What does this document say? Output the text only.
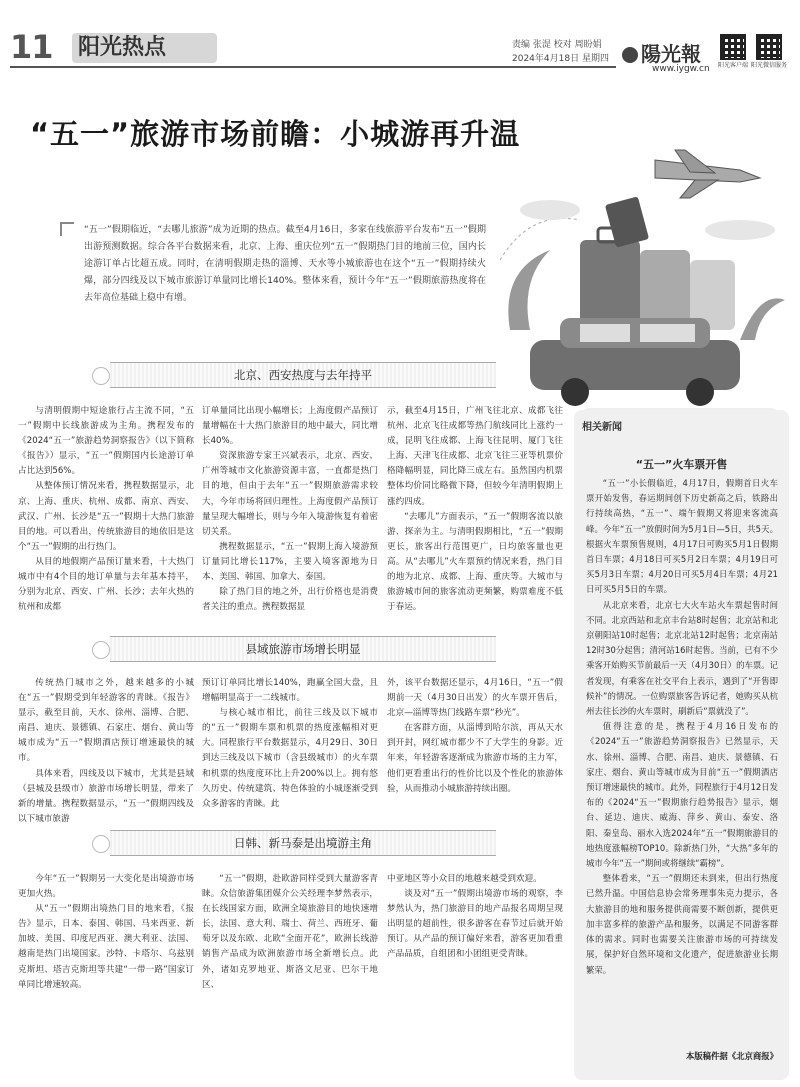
11 阳光热点	责编 张湜 校对 周盼娟
2024年4月18日 星期四	陽光報
www.iygw.cn	阳光客户端 阳光微信服务
“五一”旅游市场前瞻：小城游再升温
“五一”假期临近，“去哪儿旅游”成为近期的热点。截至4月16日，多家在线旅游平台发布“五一”假期出游预测数据。综合各平台数据来看，北京、上海、重庆位列“五一”假期热门目的地前三位，国内长途游订单占比超五成。同时，在清明假期走热的淄博、天水等小城旅游也在这个“五一”假期持续火爆，部分四线及以下城市旅游订单量同比增长140%。整体来看，预计今年“五一”假期旅游热度将在去年高位基础上稳中有增。
北京、西安热度与去年持平

与清明假期中短途旅行占主流不同，“五一”假期中长线旅游成为主角。携程发布的《2024“五一”旅游趋势洞察报告》（以下简称《报告》）显示，“五一”假期国内长途游订单占比达到56%。

从整体预订情况来看，携程数据显示，北京、上海、重庆、杭州、成都、南京、西安、武汉、广州、长沙是“五一”假期十大热门旅游目的地。可以看出，传统旅游目的地依旧是这个“五一”假期的出行热门。

从目的地假期产品预订量来看，十大热门城市中有4个目的地订单量与去年基本持平，分别为北京、西安、广州、长沙；去年火热的杭州和成都

订单量同比出现小幅增长；上海度假产品预订量增幅在十大热门旅游目的地中最大，同比增长40%。

资深旅游专家王兴斌表示，北京、西安、广州等城市文化旅游资源丰富，一直都是热门目的地，但由于去年“五一”假期旅游需求较大，今年市场将回归理性。上海度假产品预订量呈现大幅增长，则与今年入境游恢复有着密切关系。

携程数据显示，“五一”假期上海入境游预订量同比增长117%，主要入境客源地为日本、美国、韩国、加拿大、泰国。

除了热门目的地之外，出行价格也是消费者关注的重点。携程数据显

示，截至4月15日，广州飞往北京、成都飞往杭州、北京飞往成都等热门航线同比上涨约一成，昆明飞往成都、上海飞往昆明、厦门飞往上海、天津飞往成都、北京飞往三亚等机票价格降幅明显，同比降三成左右。虽然国内机票整体均价同比略微下降，但较今年清明假期上涨约四成。

“去哪儿”方面表示，“五一”假期客流以旅游、探亲为主。与清明假期相比，“五一”假期更长，旅客出行范围更广，日均旅客量也更高。从“去哪儿”火车票预约情况来看，热门目的地为北京、成都、上海、重庆等。大城市与旅游城市间的旅客流动更频繁，购票难度不低于春运。

县域旅游市场增长明显

传统热门城市之外，越来越多的小城在“五一”假期受到年轻游客的青睐。《报告》显示，截至目前，天水、徐州、淄博、合肥、南昌、迪庆、景德镇、石家庄、烟台、黄山等城市成为“五一”假期酒店预订增速最快的城市。

具体来看，四线及以下城市，尤其是县域（县城及县级市）旅游市场增长明显，带来了新的增量。携程数据显示，“五一”假期四线及以下城市旅游

预订订单同比增长140%，跑赢全国大盘，且增幅明显高于一二线城市。

与核心城市相比，前往三线及以下城市的“五一”假期车票和机票的热度涨幅相对更大。同程旅行平台数据显示，4月29日、30日到达三线及以下城市（含县级城市）的火车票和机票的热度度环比上升200%以上。拥有悠久历史、传统建筑、特色体验的小城逐渐受到众多游客的青睐。此

外，该平台数据还显示，4月16日，“五一”假期前一天（4月30日出发）的火车票开售后，北京—淄博等热门线路车票“秒光”。

在客群方面，从淄博到哈尔滨，再从天水到开封，网红城市都少不了大学生的身影。近年来，年轻游客逐渐成为旅游市场的主力军，他们更看重出行的性价比以及个性化的旅游体验，从而推动小城旅游持续出圈。

日韩、新马泰是出境游主角

今年“五一”假期另一大变化是出境游市场更加火热。

从“五一”假期出境热门目的地来看，《报告》显示，日本、泰国、韩国、马来西亚、新加坡、美国、印度尼西亚、澳大利亚、法国、越南是热门出境国家。沙特、卡塔尔、乌兹别克斯坦、塔吉克斯坦等共建“一带一路”国家订单同比增速较高。

“五一”假期，赴欧游同样受到大量游客青睐。众信旅游集团媒介公关经理李梦然表示，在长线国家方面，欧洲全境旅游目的地快速增长，法国、意大利、瑞士、荷兰、西班牙、葡萄牙以及东欧、北欧“全面开花”，欧洲长线游销售产品成为欧洲旅游市场全新增长点。此外，诸如克罗地亚、斯洛文尼亚、巴尔干地区、

中亚地区等小众目的地越来越受到欢迎。

谈及对“五一”假期出境游市场的观察，李梦然认为，热门旅游目的地产品报名周期呈现出明显的超前性，很多游客在春节过后就开始预订。从产品的预订偏好来看，游客更加看重产品品质，自组团和小团组更受青睐。

相关新闻
“五一”火车票开售

“五一”小长假临近，4月17日，假期首日火车票开始发售，春运期间创下历史新高之后，铁路出行持续高热，“五一”、端午假期又将迎来客流高峰。今年“五一”放假时间为5月1日—5日，共5天。根据火车票预售规则，4月17日可购买5月1日假期首日车票；4月18日可买5月2日车票；4月19日可买5月3日车票；4月20日可买5月4日车票；4月21日可买5月5日的车票。

从北京来看，北京七大火车站火车票起售时间不同。北京西站和北京丰台站8时起售；北京站和北京朝阳站10时起售；北京北站12时起售；北京南站12时30分起售；清河站16时起售。当前，已有不少乘客开始购买节前最后一天（4月30日）的车票。记者发现，有乘客在社交平台上表示，遇到了“开售即候补”的情况。一位购票旅客告诉记者，她购买从杭州去往长沙的火车票时，刷新后“票就没了”。

值得注意的是，携程于4月16日发布的《2024“五一”旅游趋势洞察报告》已然显示，天水、徐州、淄博、合肥、南昌、迪庆、景德镇、石家庄、烟台、黄山等城市成为目前“五一”假期酒店预订增速最快的城市。此外，同程旅行于4月12日发布的《2024“五一”假期旅行趋势报告》显示，烟台、延边、迪庆、威海、萍乡、黄山、泰安、洛阳、秦皇岛、丽水入选2024年“五一”假期旅游目的地热度涨幅榜TOP10。除新热门外，“大热”多年的城市今年“五一”期间或将继续“霸榜”。

整体看来，“五一”假期还未到来，但出行热度已然升温。中国信息协会常务理事朱克力提示，各大旅游目的地和服务提供商需要不断创新，提供更加丰富多样的旅游产品和服务，以满足不同游客群体的需求。同时也需要关注旅游市场的可持续发展，保护好自然环境和文化遗产，促进旅游业长期繁荣。

本版稿件据《北京商报》
